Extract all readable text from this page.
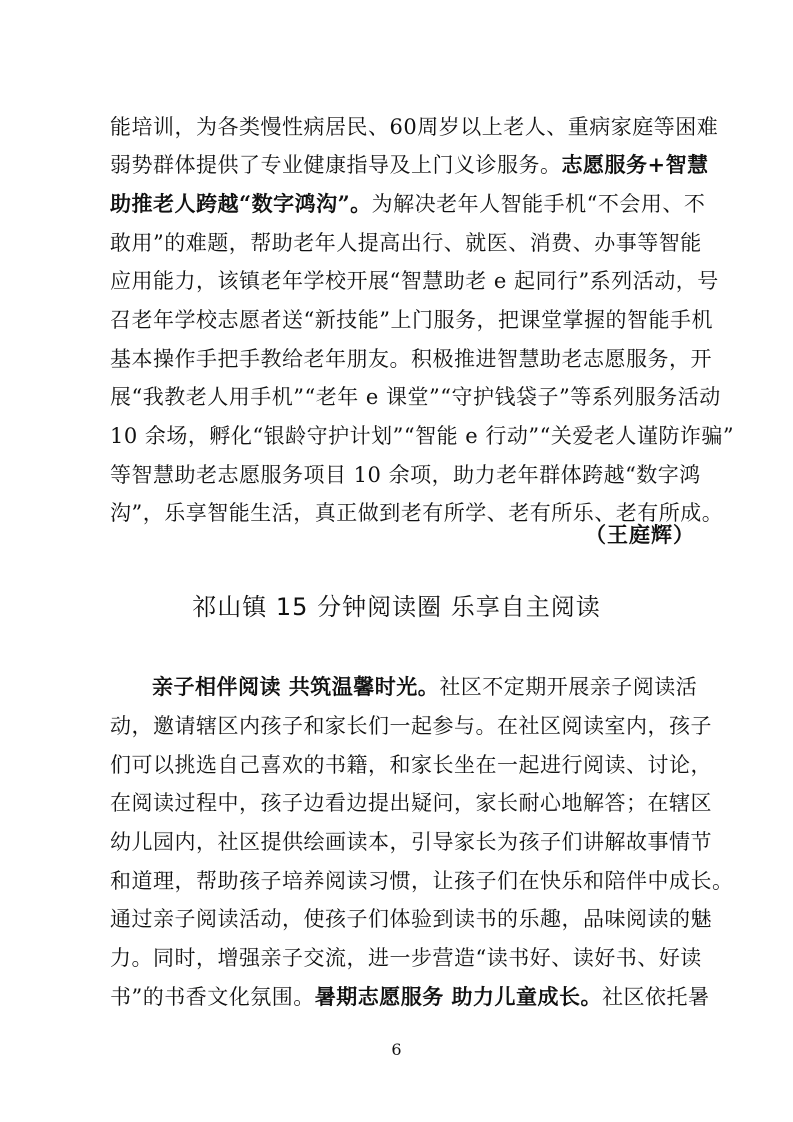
能培训，为各类慢性病居民、60周岁以上老人、重病家庭等困难
弱势群体提供了专业健康指导及上门义诊服务。志愿服务+智慧
助推老人跨越“数字鸿沟”。为解决老年人智能手机“不会用、不
敢用”的难题，帮助老年人提高出行、就医、消费、办事等智能
应用能力，该镇老年学校开展“智慧助老 e 起同行”系列活动，号
召老年学校志愿者送“新技能”上门服务，把课堂掌握的智能手机
基本操作手把手教给老年朋友。积极推进智慧助老志愿服务，开
展“我教老人用手机”“老年 e 课堂”“守护钱袋子”等系列服务活动
10 余场，孵化“银龄守护计划”“智能 e 行动”“关爱老人谨防诈骗”
等智慧助老志愿服务项目 10 余项，助力老年群体跨越“数字鸿
沟”，乐享智能生活，真正做到老有所学、老有所乐、老有所成。
（王庭辉）
祁山镇 15 分钟阅读圈 乐享自主阅读
亲子相伴阅读 共筑温馨时光。社区不定期开展亲子阅读活
动，邀请辖区内孩子和家长们一起参与。在社区阅读室内，孩子
们可以挑选自己喜欢的书籍，和家长坐在一起进行阅读、讨论，
在阅读过程中，孩子边看边提出疑问，家长耐心地解答；在辖区
幼儿园内，社区提供绘画读本，引导家长为孩子们讲解故事情节
和道理，帮助孩子培养阅读习惯，让孩子们在快乐和陪伴中成长。
通过亲子阅读活动，使孩子们体验到读书的乐趣，品味阅读的魅
力。同时，增强亲子交流，进一步营造“读书好、读好书、好读
书”的书香文化氛围。暑期志愿服务 助力儿童成长。社区依托暑
6
